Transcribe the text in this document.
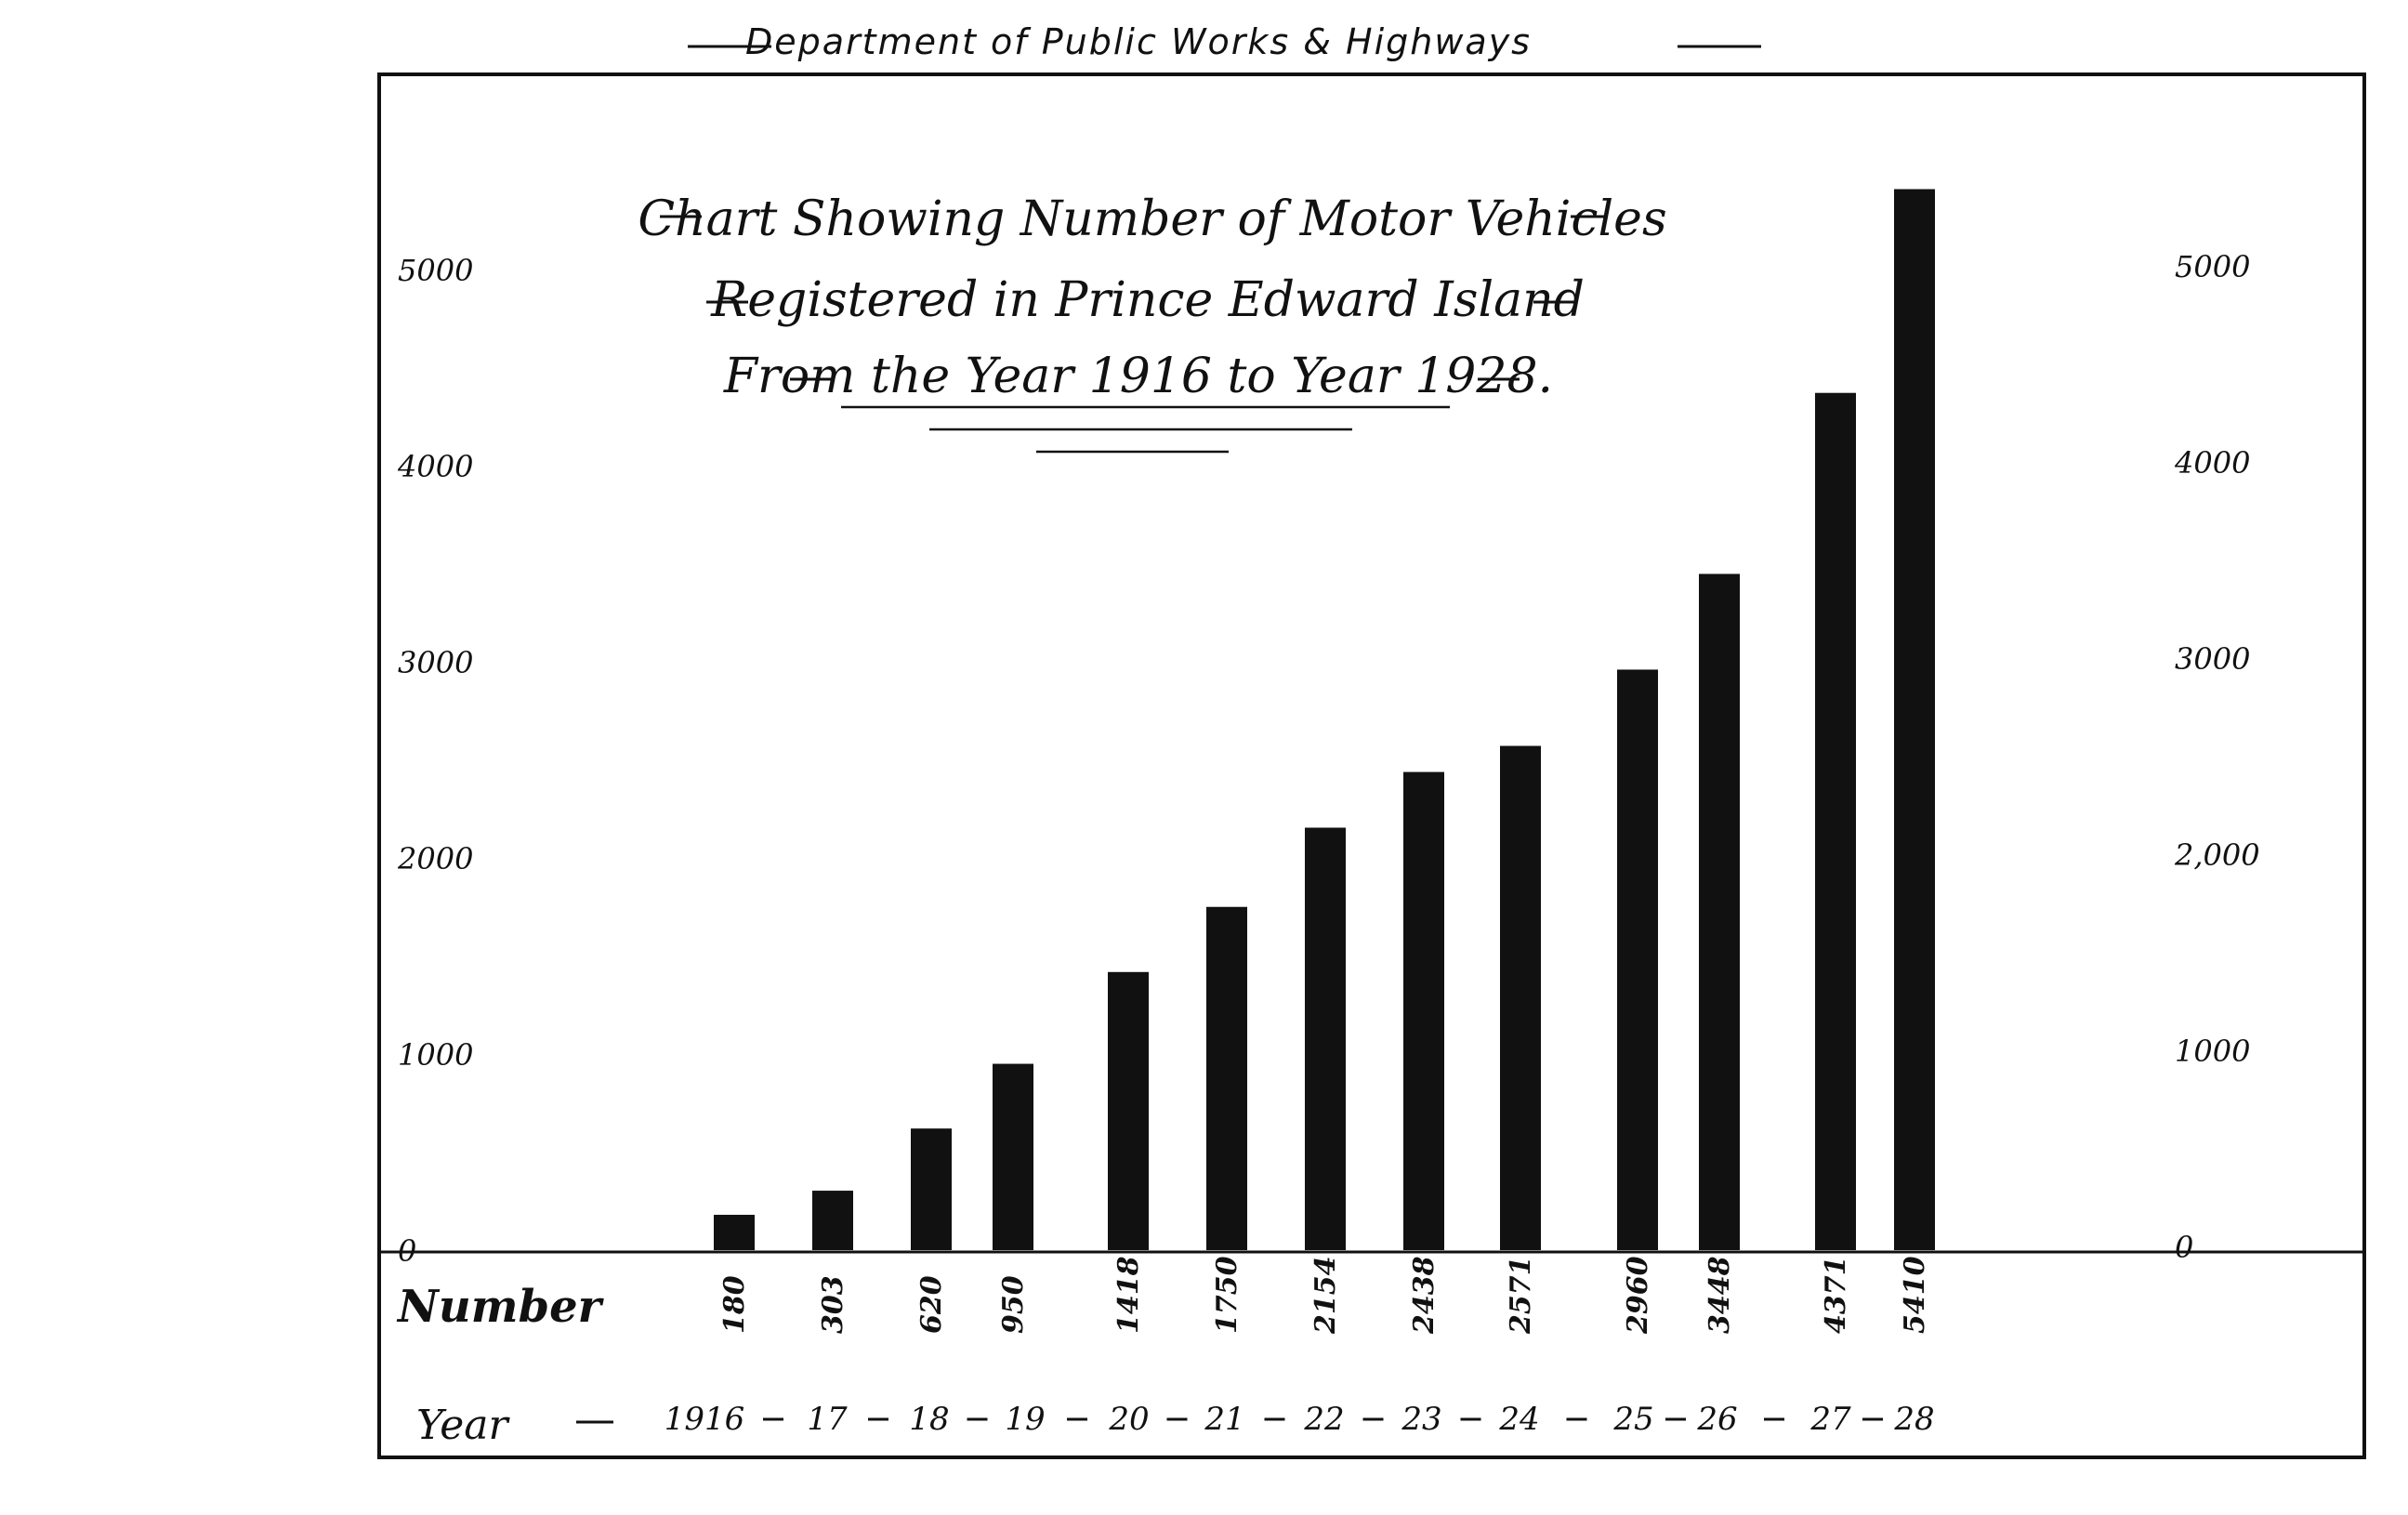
Department of Public Works & Highways
Chart Showing Number of Motor Vehicles
Registered in Prince Edward Island
From the Year 1916 to Year 1928.
0
1000
2000
3000
4000
5000
0
1000
2,000
3000
4000
5000
180 303 620 950	1418 1750 2154 2438 2571	2960 3448	4371 5410
Number
Year	1916 17 18 19 20 21 22 23 24 25 26 27 28
